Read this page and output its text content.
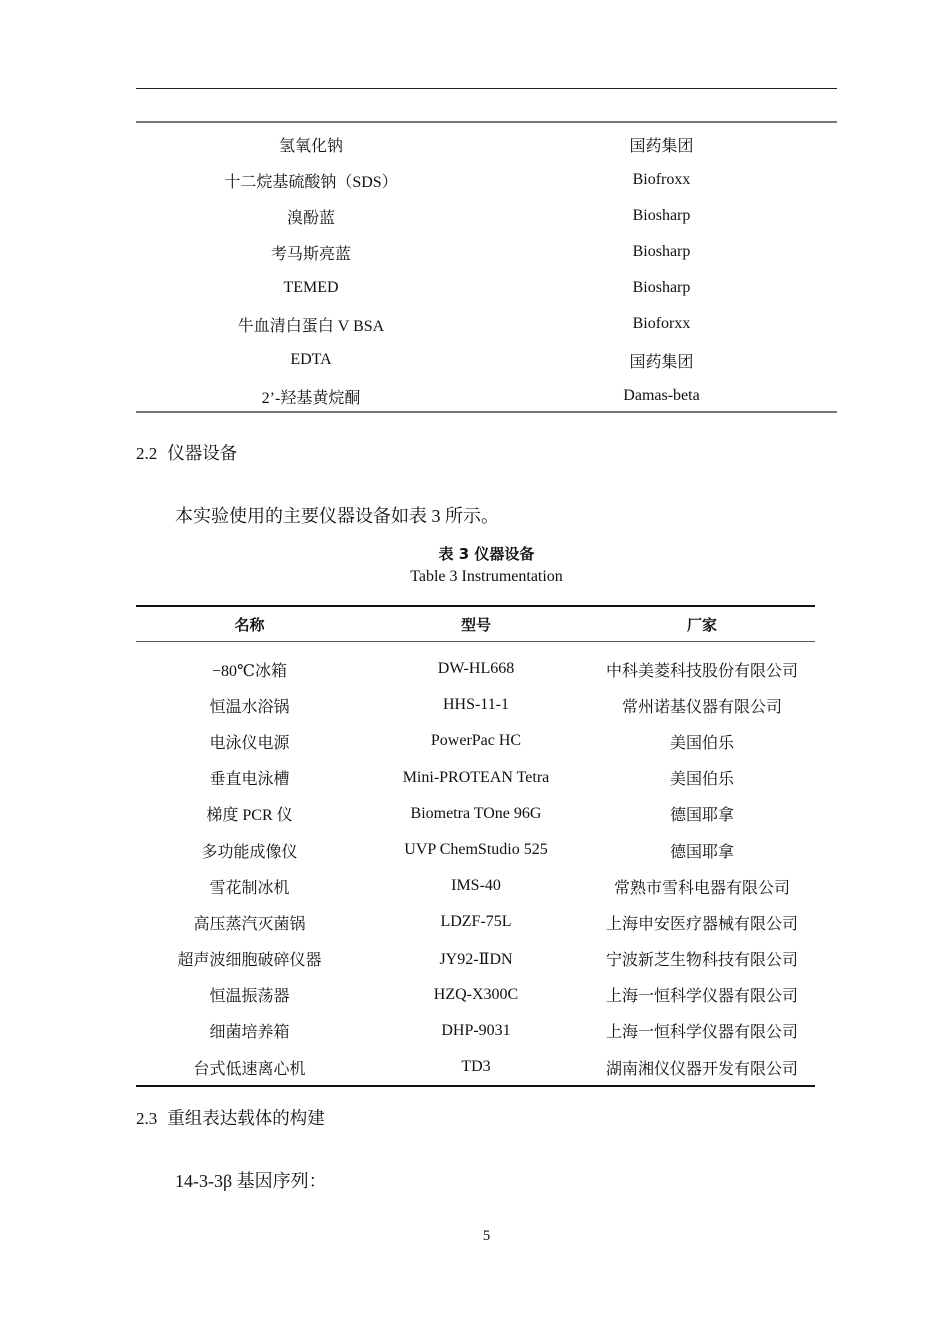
氢氧化钠	国药集团
十二烷基硫酸钠（SDS）	Biofroxx
溴酚蓝	Biosharp
考马斯亮蓝	Biosharp
TEMED	Biosharp
牛血清白蛋白 V BSA	Bioforxx
EDTA	国药集团
2’-羟基黄烷酮	Damas-beta
2.2 仪器设备
本实验使用的主要仪器设备如表 3 所示。
表 3 仪器设备
Table 3 Instrumentation
名称	型号	厂家
−80℃冰箱	DW-HL668	中科美菱科技股份有限公司
恒温水浴锅	HHS-11-1	常州诺基仪器有限公司
电泳仪电源	PowerPac HC	美国伯乐
垂直电泳槽	Mini-PROTEAN Tetra	美国伯乐
梯度 PCR 仪	Biometra TOne 96G	德国耶拿
多功能成像仪	UVP ChemStudio 525	德国耶拿
雪花制冰机	IMS-40	常熟市雪科电器有限公司
高压蒸汽灭菌锅	LDZF-75L	上海申安医疗器械有限公司
超声波细胞破碎仪器	JY92-ⅡDN	宁波新芝生物科技有限公司
恒温振荡器	HZQ-X300C	上海一恒科学仪器有限公司
细菌培养箱	DHP-9031	上海一恒科学仪器有限公司
台式低速离心机	TD3	湖南湘仪仪器开发有限公司
2.3 重组表达载体的构建
14-3-3β 基因序列：
5
